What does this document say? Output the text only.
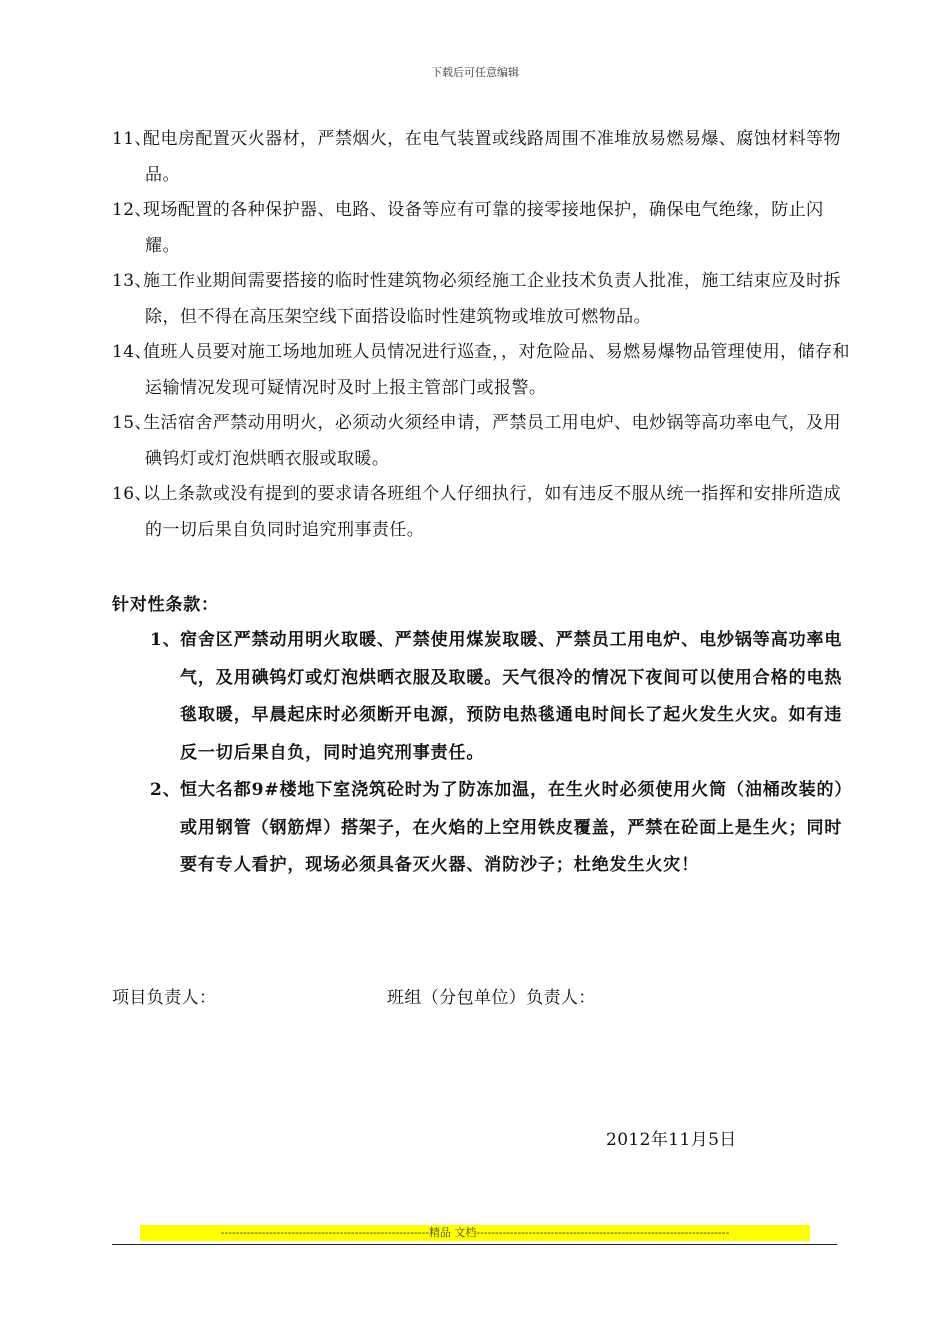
下载后可任意编辑

11、
配电房配置灭火器材，严禁烟火，在电气装置或线路周围不准堆放易燃易爆、腐蚀材料等物品。

12、
现场配置的各种保护器、电路、设备等应有可靠的接零接地保护，确保电气绝缘，防止闪耀。

13、
施工作业期间需要搭接的临时性建筑物必须经施工企业技术负责人批准，施工结束应及时拆除，但不得在高压架空线下面搭设临时性建筑物或堆放可燃物品。

14、
值班人员要对施工场地加班人员情况进行巡查，，对危险品、易燃易爆物品管理使用，储存和运输情况发现可疑情况时及时上报主管部门或报警。

15、
生活宿舍严禁动用明火，必须动火须经申请，严禁员工用电炉、电炒锅等高功率电气，及用碘钨灯或灯泡烘晒衣服或取暖。

16、
以上条款或没有提到的要求请各班组个人仔细执行，如有违反不服从统一指挥和安排所造成的一切后果自负同时追究刑事责任。

针对性条款：

1、 宿舍区严禁动用明火取暖、严禁使用煤炭取暖、严禁员工用电炉、电炒锅等高功率电气，及用碘钨灯或灯泡烘晒衣服及取暖。天气很冷的情况下夜间可以使用合格的电热毯取暖，早晨起床时必须断开电源，预防电热毯通电时间长了起火发生火灾。如有违反一切后果自负，同时追究刑事责任。

2、 恒大名都9#楼地下室浇筑砼时为了防冻加温，在生火时必须使用火筒（油桶改装的）或用钢管（钢筋焊）搭架子，在火焰的上空用铁皮覆盖，严禁在砼面上是生火；同时要有专人看护，现场必须具备灭火器、消防沙子；杜绝发生火灾！

项目负责人：	班组（分包单位）负责人：

2012年11月5日

--------------------------------------------------------精品 文档--------------------------------------------------------------------
